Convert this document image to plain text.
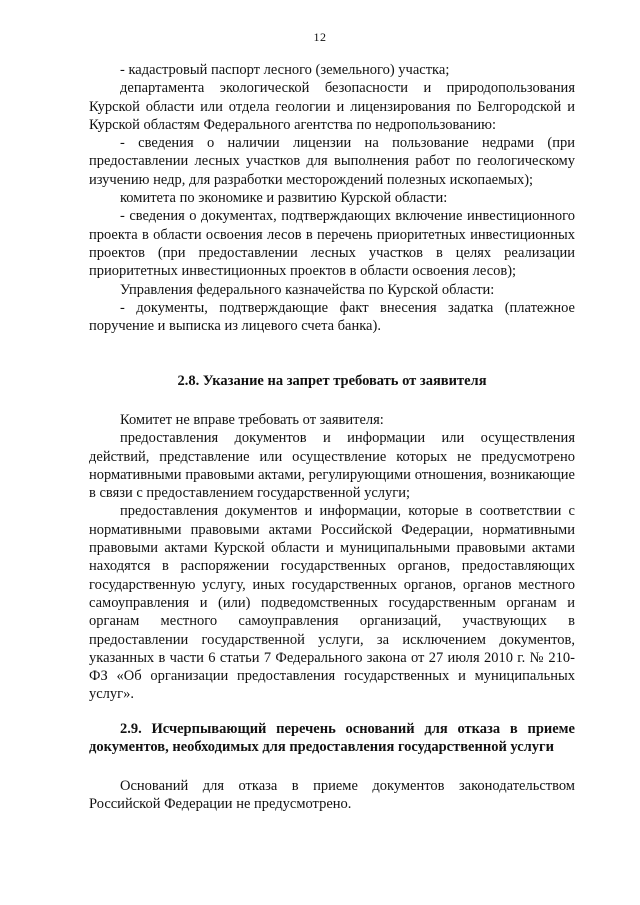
12

- кадастровый паспорт лесного (земельного) участка;

департамента экологической безопасности и природопользования Курской области или отдела геологии и лицензирования по Белгородской и Курской областям Федерального агентства по недропользованию:

- сведения о наличии лицензии на пользование недрами (при предоставлении лесных участков для выполнения работ по геологическому изучению недр, для разработки месторождений полезных ископаемых);

комитета по экономике и развитию Курской области:

- сведения о документах, подтверждающих включение инвестиционного проекта в области освоения лесов в перечень приоритетных инвестиционных проектов (при предоставлении лесных участков в целях реализации приоритетных инвестиционных проектов в области освоения лесов);

Управления федерального казначейства по Курской области:

- документы, подтверждающие факт внесения задатка (платежное поручение и выписка из лицевого счета банка).

2.8. Указание на запрет требовать от заявителя

Комитет не вправе требовать от заявителя:

предоставления документов и информации или осуществления действий, представление или осуществление которых не предусмотрено нормативными правовыми актами, регулирующими отношения, возникающие в связи с предоставлением государственной услуги;

предоставления документов и информации, которые в соответствии с нормативными правовыми актами Российской Федерации, нормативными правовыми актами Курской области и муниципальными правовыми актами находятся в распоряжении государственных органов, предоставляющих государственную услугу, иных государственных органов, органов местного самоуправления и (или) подведомственных государственным органам и органам местного самоуправления организаций, участвующих в предоставлении государственной услуги, за исключением документов, указанных в части 6 статьи 7 Федерального закона от 27 июля 2010 г. № 210-ФЗ «Об организации предоставления государственных и муниципальных услуг».

2.9. Исчерпывающий перечень оснований для отказа в приеме документов, необходимых для предоставления государственной услуги

Оснований для отказа в приеме документов законодательством Российской Федерации не предусмотрено.
